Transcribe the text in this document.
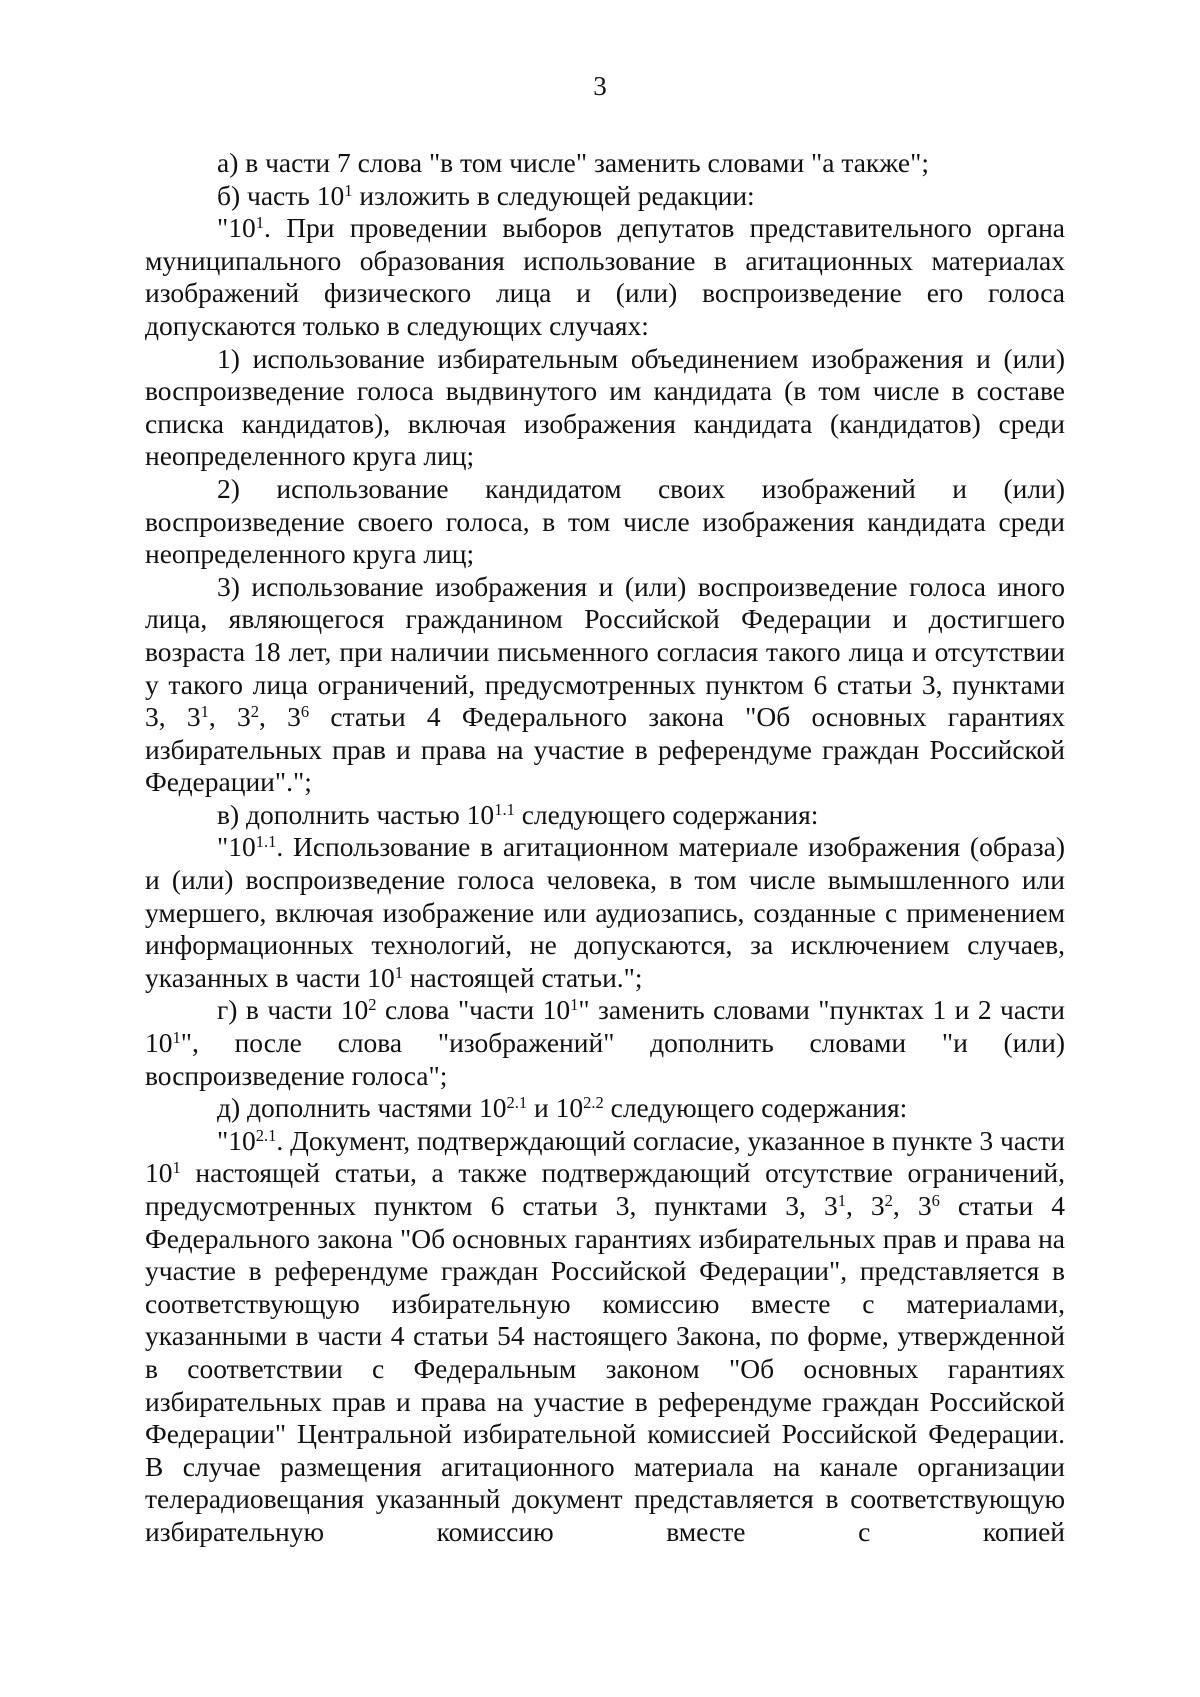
3

а) в части 7 слова "в том числе" заменить словами "а также";

б) часть $10^1$ изложить в следующей редакции:

"$10^1$. При проведении выборов депутатов представительного органа муниципального образования использование в агитационных материалах изображений физического лица и (или) воспроизведение его голоса допускаются только в следующих случаях:

1) использование избирательным объединением изображения и (или) воспроизведение голоса выдвинутого им кандидата (в том числе в составе списка кандидатов), включая изображения кандидата (кандидатов) среди неопределенного круга лиц;

2) использование кандидатом своих изображений и (или) воспроизведение своего голоса, в том числе изображения кандидата среди неопределенного круга лиц;

3) использование изображения и (или) воспроизведение голоса иного лица, являющегося гражданином Российской Федерации и достигшего возраста 18 лет, при наличии письменного согласия такого лица и отсутствии у такого лица ограничений, предусмотренных пунктом 6 статьи 3, пунктами 3, $3^1$, $3^2$, $3^6$ статьи 4 Федерального закона "Об основных гарантиях избирательных прав и права на участие в референдуме граждан Российской Федерации".";

в) дополнить частью $10^{1.1}$ следующего содержания:

"$10^{1.1}$. Использование в агитационном материале изображения (образа) и (или) воспроизведение голоса человека, в том числе вымышленного или умершего, включая изображение или аудиозапись, созданные с применением информационных технологий, не допускаются, за исключением случаев, указанных в части $10^1$ настоящей статьи.";

г) в части $10^2$ слова "части $10^1$" заменить словами "пунктах 1 и 2 части $10^1$", после слова "изображений" дополнить словами "и (или) воспроизведение голоса";

д) дополнить частями $10^{2.1}$ и $10^{2.2}$ следующего содержания:

"$10^{2.1}$. Документ, подтверждающий согласие, указанное в пункте 3 части $10^1$ настоящей статьи, а также подтверждающий отсутствие ограничений, предусмотренных пунктом 6 статьи 3, пунктами 3, $3^1$, $3^2$, $3^6$ статьи 4 Федерального закона "Об основных гарантиях избирательных прав и права на участие в референдуме граждан Российской Федерации", представляется в соответствующую избирательную комиссию вместе с материалами, указанными в части 4 статьи 54 настоящего Закона, по форме, утвержденной в соответствии с Федеральным законом "Об основных гарантиях избирательных прав и права на участие в референдуме граждан Российской Федерации" Центральной избирательной комиссией Российской Федерации. В случае размещения агитационного материала на канале организации телерадиовещания указанный документ представляется в соответствующую избирательную комиссию вместе с копией
